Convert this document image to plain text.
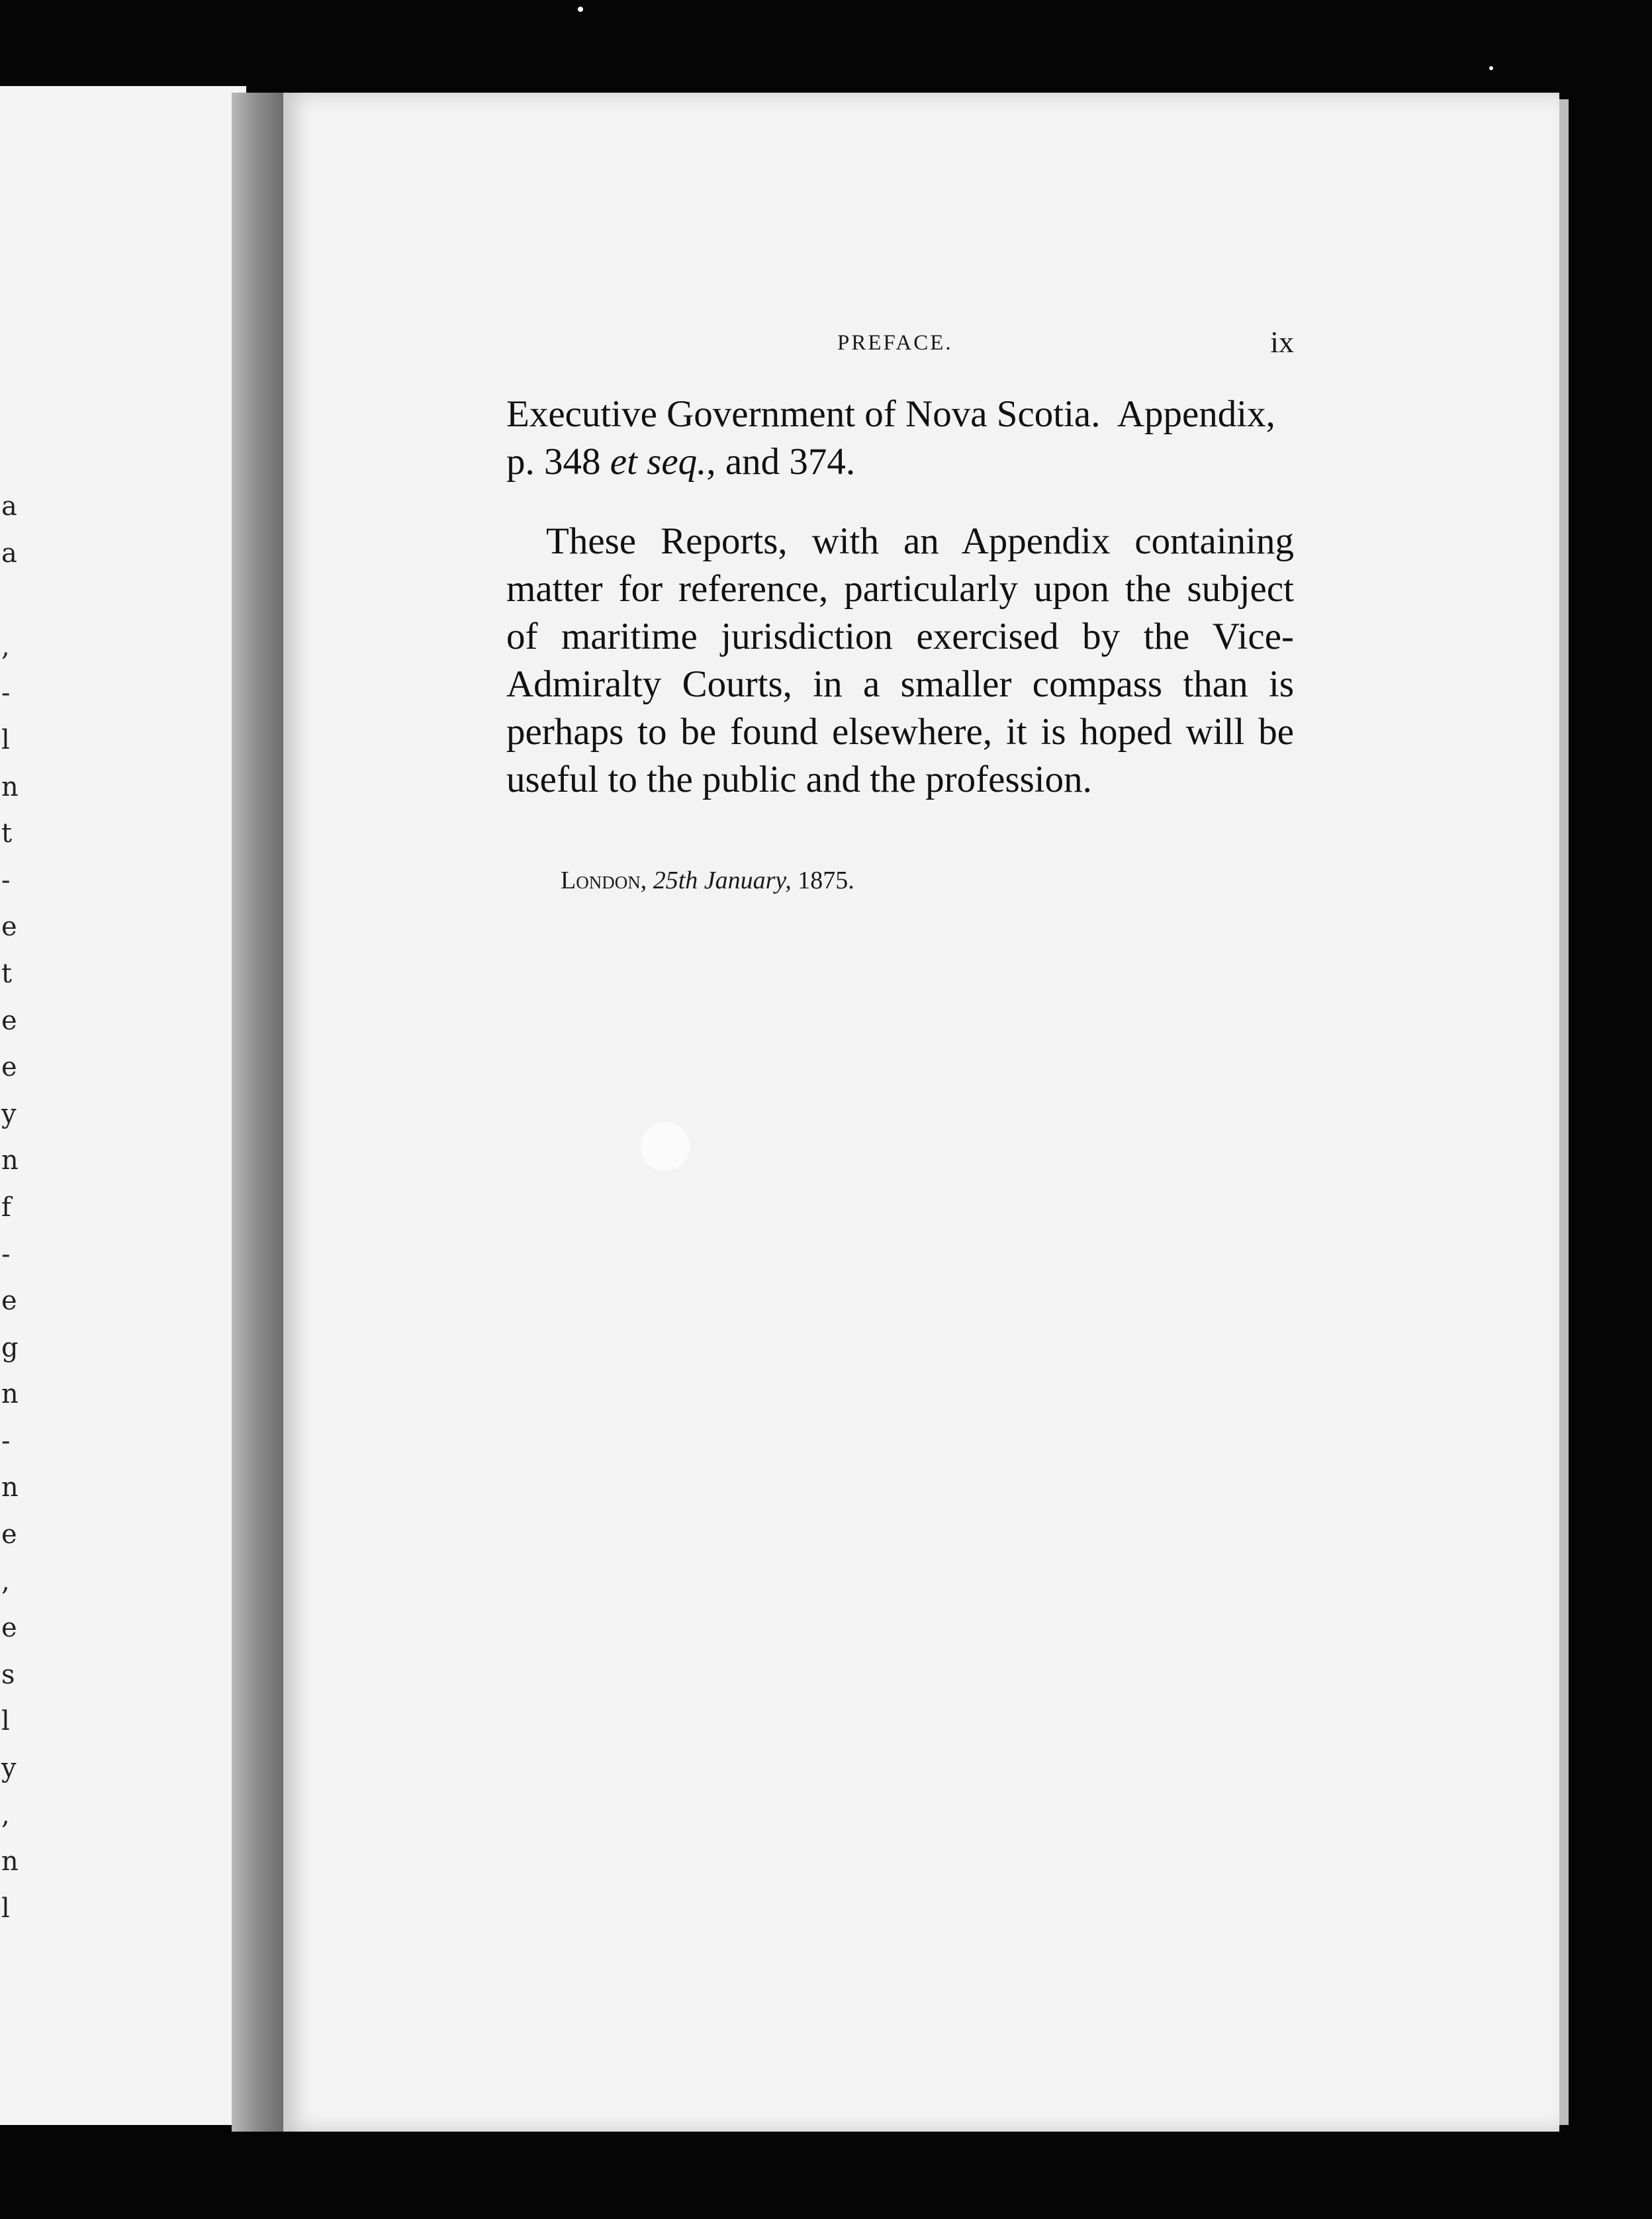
a
a
,
-
l
n
t
-
e
t
e
e
y
n
f
-
e
g
n
-
n
e
,
e
s
l
y
,
n
l
PREFACE.	ix

Executive Government of Nova Scotia.  Appendix,
p. 348 et seq., and 374.

These Reports, with an Appendix containing matter for reference, particularly upon the subject of maritime jurisdiction exercised by the Vice-Admiralty Courts, in a smaller compass than is perhaps to be found elsewhere, it is hoped will be useful to the public and the profession.

London, 25th January, 1875.
